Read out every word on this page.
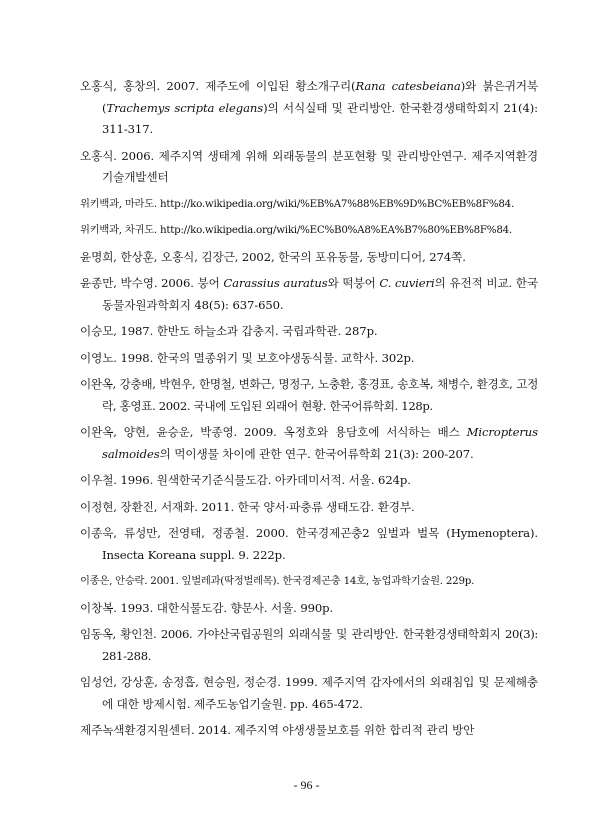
오홍식, 홍창의. 2007. 제주도에 이입된 황소개구리(Rana catesbeiana)와 붉은귀거북(Trachemys scripta elegans)의 서식실태 및 관리방안. 한국환경생태학회지 21(4): 311-317.

오홍식. 2006. 제주지역 생태계 위해 외래동물의 분포현황 및 관리방안연구. 제주지역환경기술개발센터

위키백과, 마라도. http://ko.wikipedia.org/wiki/%EB%A7%88%EB%9D%BC%EB%8F%84.

위키백과, 차귀도. http://ko.wikipedia.org/wiki/%EC%B0%A8%EA%B7%80%EB%8F%84.

윤명희, 한상훈, 오홍식, 김장근, 2002, 한국의 포유동물, 동방미디어, 274쪽.

윤종만, 박수영. 2006. 붕어 Carassius auratus와 떡붕어 C. cuvieri의 유전적 비교. 한국동물자원과학회지 48(5): 637-650.

이승모, 1987. 한반도 하늘소과 갑충지. 국립과학관. 287p.

이영노. 1998. 한국의 멸종위기 및 보호야생동식물. 교학사. 302p.

이완옥, 강충배, 박현우, 한명철, 변화근, 명정구, 노충환, 홍경표, 송호복, 채병수, 환경호, 고정락, 홍영표. 2002. 국내에 도입된 외래어 현황. 한국어류학회. 128p.

이완옥, 양현, 윤승운, 박종영. 2009. 옥정호와 용담호에 서식하는 배스 Micropterus salmoides의 먹이생물 차이에 관한 연구. 한국어류학회 21(3): 200-207.

이우철. 1996. 원색한국기준식물도감. 아카데미서적. 서울. 624p.

이정현, 장환진, 서재화. 2011. 한국 양서·파충류 생태도감. 환경부.

이종욱, 류성만, 전영태, 정종철. 2000. 한국경제곤충2 잎벌과 벌목 (Hymenoptera). Insecta Koreana suppl. 9. 222p.

이종은, 안승락. 2001. 잎벌레과(딱정벌레목). 한국경제곤충 14호, 농업과학기술원. 229p.

이창복. 1993. 대한식물도감. 향문사. 서울. 990p.

임동옥, 황인천. 2006. 가야산국립공원의 외래식물 및 관리방안. 한국환경생태학회지 20(3): 281-288.

임성언, 강상훈, 송정흡, 현승원, 정순경. 1999. 제주지역 감자에서의 외래침입 및 문제해충에 대한 방제시험. 제주도농업기술원. pp. 465-472.

제주녹색환경지원센터. 2014. 제주지역 야생생물보호를 위한 합리적 관리 방안

- 96 -
